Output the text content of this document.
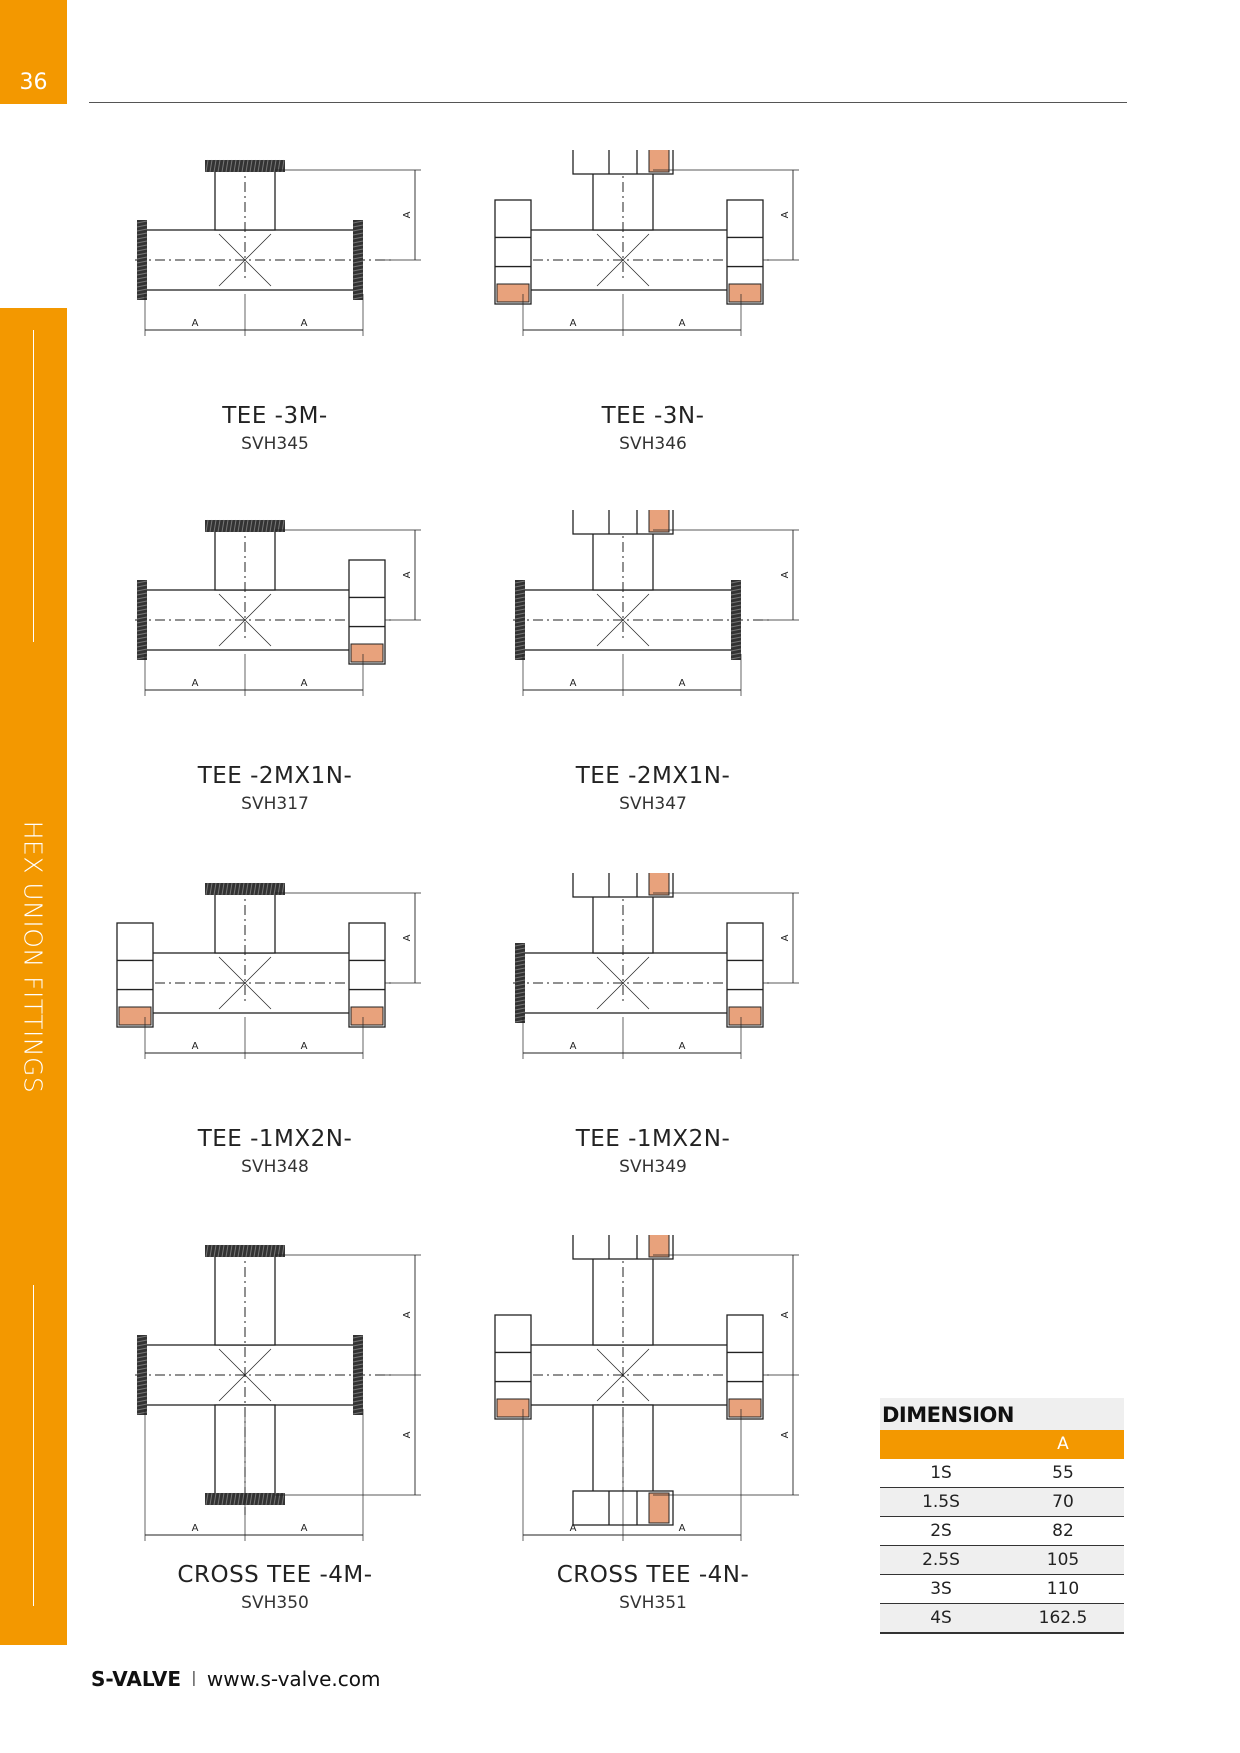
36
HEX UNION FITTINGS
A	A
A
TEE -3M-
SVH345
A	A
A
TEE -3N-
SVH346
A	A
A
TEE -2MX1N-
SVH317
A	A
A
TEE -2MX1N-
SVH347
A	A
A
TEE -1MX2N-
SVH348
A	A
A
TEE -1MX2N-
SVH349
A	A
A
A
CROSS TEE -4M-
SVH350
A	A
A
A
CROSS TEE -4N-
SVH351
DIMENSION
A
1S	55
1.5S	70
2S	82
2.5S	105
3S	110
4S	162.5
S-VALVE I www.s-valve.com
